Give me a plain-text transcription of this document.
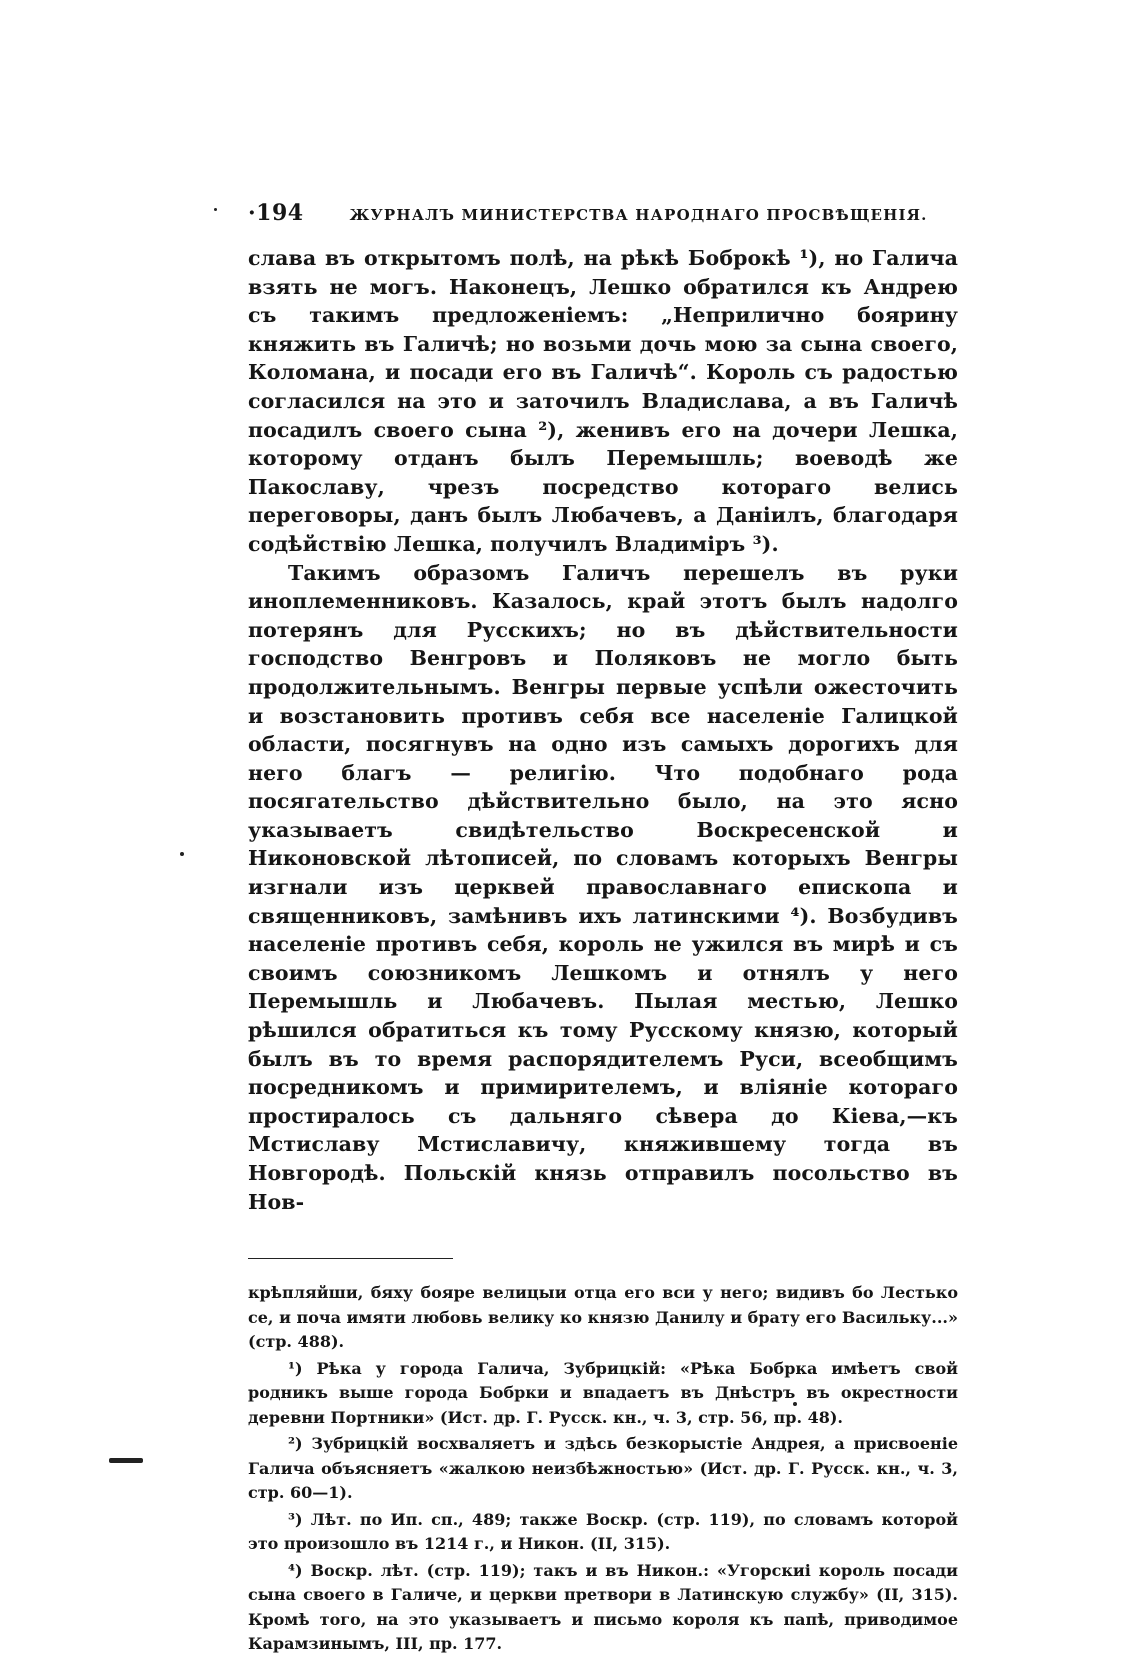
·194	ЖУРНАЛЪ МИНИСТЕРСТВА НАРОДНАГО ПРОСВѢЩЕНІЯ.

слава въ открытомъ полѣ, на рѣкѣ Боброкѣ ¹), но Галича взять не могъ. Наконецъ, Лешко обратился къ Андрею съ такимъ предложеніемъ: „Неприлично боярину княжить въ Галичѣ; но возьми дочь мою за сына своего, Коломана, и посади его въ Галичѣ“. Король съ радостью согласился на это и заточилъ Владислава, а въ Галичѣ посадилъ своего сына ²), женивъ его на дочери Лешка, которому отданъ былъ Перемышль; воеводѣ же Пакославу, чрезъ посредство котораго велись переговоры, данъ былъ Любачевъ, а Даніилъ, благодаря содѣйствію Лешка, получилъ Владиміръ ³).

Такимъ образомъ Галичъ перешелъ въ руки иноплеменниковъ. Казалось, край этотъ былъ надолго потерянъ для Русскихъ; но въ дѣйствительности господство Венгровъ и Поляковъ не могло быть продолжительнымъ. Венгры первые успѣли ожесточить и возстановить противъ себя все населеніе Галицкой области, посягнувъ на одно изъ самыхъ дорогихъ для него благъ — религію. Что подобнаго рода посягательство дѣйствительно было, на это ясно указываетъ свидѣтельство Воскресенской и Никоновской лѣтописей, по словамъ которыхъ Венгры изгнали изъ церквей православнаго епископа и священниковъ, замѣнивъ ихъ латинскими ⁴). Возбудивъ населеніе противъ себя, король не ужился въ мирѣ и съ своимъ союзникомъ Лешкомъ и отнялъ у него Перемышль и Любачевъ. Пылая местью, Лешко рѣшился обратиться къ тому Русскому князю, который былъ въ то время распорядителемъ Руси, всеобщимъ посредникомъ и примирителемъ, и вліяніе котораго простиралось съ дальняго сѣвера до Кіева,—къ Мстиславу Мстиславичу, княжившему тогда въ Новгородѣ. Польскій князь отправилъ посольство въ Нов-

крѣпляйши, бяху бояре велицыи отца его вси у него; видивъ бо Лестько се, и поча имяти любовь велику ко князю Данилу и брату его Васильку...» (стр. 488).

¹) Рѣка у города Галича, Зубрицкій: «Рѣка Бобрка имѣетъ свой родникъ выше города Бобрки и впадаетъ въ Днѣстръ въ окрестности деревни Портники» (Ист. др. Г. Русск. кн., ч. 3, стр. 56, пр. 48).

²) Зубрицкій восхваляетъ и здѣсь безкорыстіе Андрея, а присвоеніе Галича объясняетъ «жалкою неизбѣжностью» (Ист. др. Г. Русск. кн., ч. 3, стр. 60—1).

³) Лѣт. по Ип. сп., 489; также Воскр. (стр. 119), по словамъ которой это произошло въ 1214 г., и Никон. (II, 315).

⁴) Воскр. лѣт. (стр. 119); такъ и въ Никон.: «Угорскиі король посади сына своего в Галиче, и церкви претвори в Латинскую службу» (II, 315). Кромѣ того, на это указываетъ и письмо короля къ папѣ, приводимое Карамзинымъ, III, пр. 177.
